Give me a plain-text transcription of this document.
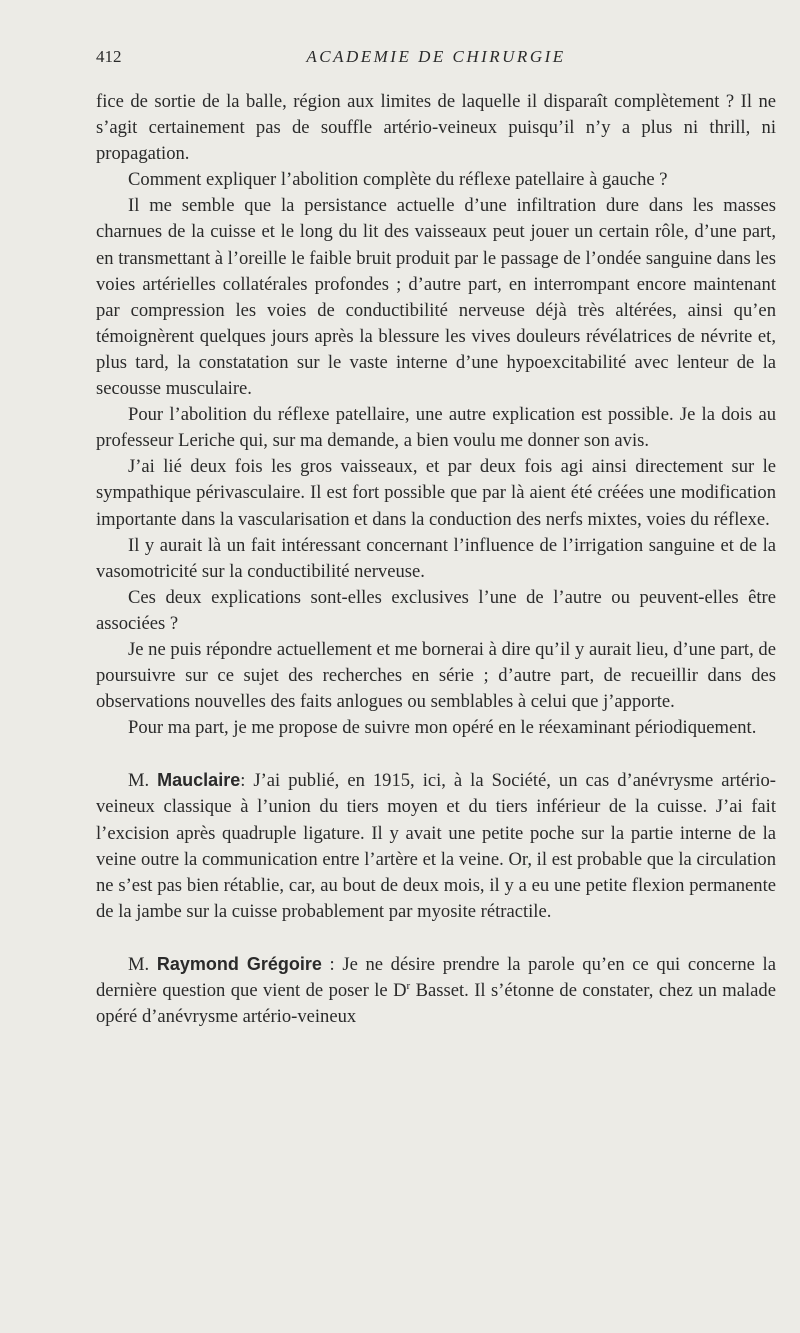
412	ACADEMIE DE CHIRURGIE

fice de sortie de la balle, région aux limites de laquelle il disparaît complètement ? Il ne s’agit certainement pas de souffle artério-veineux puisqu’il n’y a plus ni thrill, ni propagation.

Comment expliquer l’abolition complète du réflexe patellaire à gauche ?

Il me semble que la persistance actuelle d’une infiltration dure dans les masses charnues de la cuisse et le long du lit des vaisseaux peut jouer un certain rôle, d’une part, en transmettant à l’oreille le faible bruit produit par le passage de l’ondée sanguine dans les voies artérielles collatérales profondes ; d’autre part, en interrompant encore maintenant par compression les voies de conductibilité nerveuse déjà très altérées, ainsi qu’en témoignèrent quelques jours après la blessure les vives douleurs révélatrices de névrite et, plus tard, la constatation sur le vaste interne d’une hypoexcitabilité avec lenteur de la secousse musculaire.

Pour l’abolition du réflexe patellaire, une autre explication est possible. Je la dois au professeur Leriche qui, sur ma demande, a bien voulu me donner son avis.

J’ai lié deux fois les gros vaisseaux, et par deux fois agi ainsi directement sur le sympathique périvasculaire. Il est fort possible que par là aient été créées une modification importante dans la vascularisation et dans la conduction des nerfs mixtes, voies du réflexe.

Il y aurait là un fait intéressant concernant l’influence de l’irrigation sanguine et de la vasomotricité sur la conductibilité nerveuse.

Ces deux explications sont-elles exclusives l’une de l’autre ou peuvent-elles être associées ?

Je ne puis répondre actuellement et me bornerai à dire qu’il y aurait lieu, d’une part, de poursuivre sur ce sujet des recherches en série ; d’autre part, de recueillir dans des observations nouvelles des faits anlogues ou semblables à celui que j’apporte.

Pour ma part, je me propose de suivre mon opéré en le réexaminant périodiquement.

M. Mauclaire: J’ai publié, en 1915, ici, à la Société, un cas d’anévrysme artério-veineux classique à l’union du tiers moyen et du tiers inférieur de la cuisse. J’ai fait l’excision après quadruple ligature. Il y avait une petite poche sur la partie interne de la veine outre la communication entre l’artère et la veine. Or, il est probable que la circulation ne s’est pas bien rétablie, car, au bout de deux mois, il y a eu une petite flexion permanente de la jambe sur la cuisse probablement par myosite rétractile.

M. Raymond Grégoire : Je ne désire prendre la parole qu’en ce qui concerne la dernière question que vient de poser le $D^r$ Basset. Il s’étonne de constater, chez un malade opéré d’anévrysme artério-veineux
